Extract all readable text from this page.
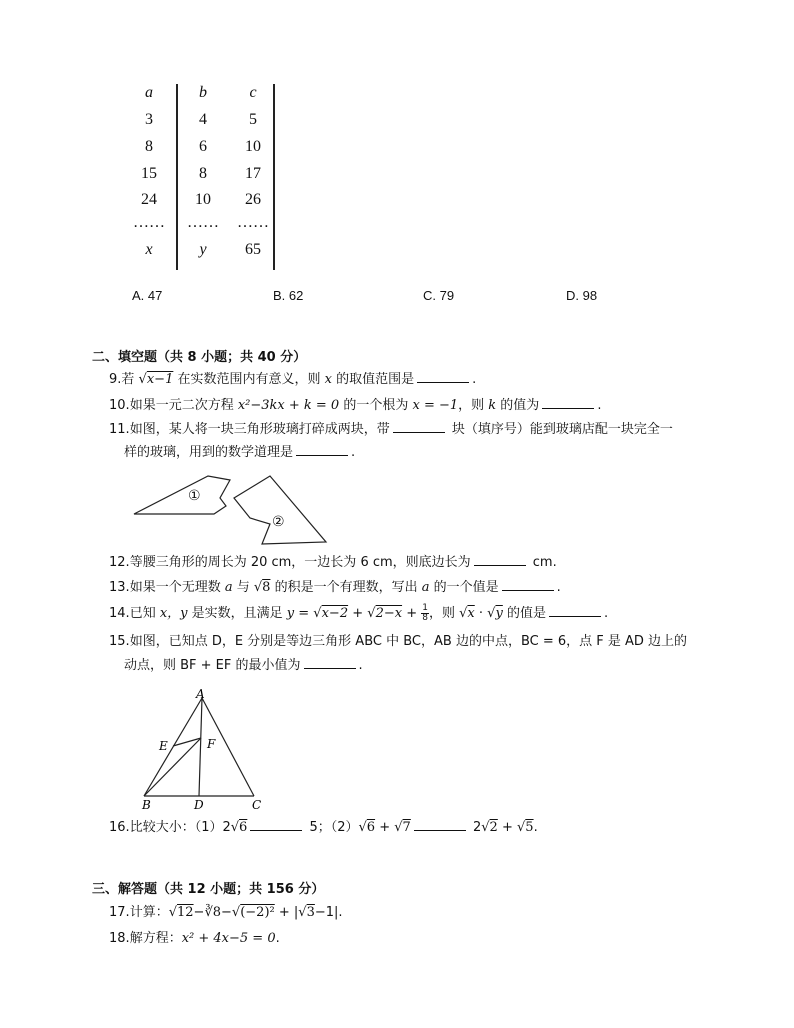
a	b	c
3	4	5
8	6	10
15	8	17
24	10	26
…… …… ……
x	y	65
A. 47	B. 62	C. 79	D. 98
二、填空题（共 8 小题；共 40 分）
9.若 √x−1 在实数范围内有意义，则 x 的取值范围是	.
10.如果一元二次方程 x²−3kx + k = 0 的一个根为 x = −1，则 k 的值为	.
11.如图，某人将一块三角形玻璃打碎成两块，带	块（填序号）能到玻璃店配一块完全一
样的玻璃，用到的数学道理是	.
①
②
12.等腰三角形的周长为 20 cm，一边长为 6 cm，则底边长为	cm.
13.如果一个无理数 a 与 √8 的积是一个有理数，写出 a 的一个值是	.
14.已知 x，y 是实数，且满足 $y = √x-2 + √2-x + \frac{1}{8}$ ，则 √x · √y 的值是	.
15.如图，已知点 D，E 分别是等边三角形 ABC 中 BC，AB 边的中点，BC = 6，点 F 是 AD 边上的
动点，则 BF + EF 的最小值为	.
A
E	F
B	D	C
16.比较大小：（1）2√6	5；（2）√6 + √7	2√2 + √5.
三、解答题（共 12 小题；共 156 分）
17.计算：√12−∛8−√(−2)² + |√3−1|.
18.解方程：x² + 4x−5 = 0.
